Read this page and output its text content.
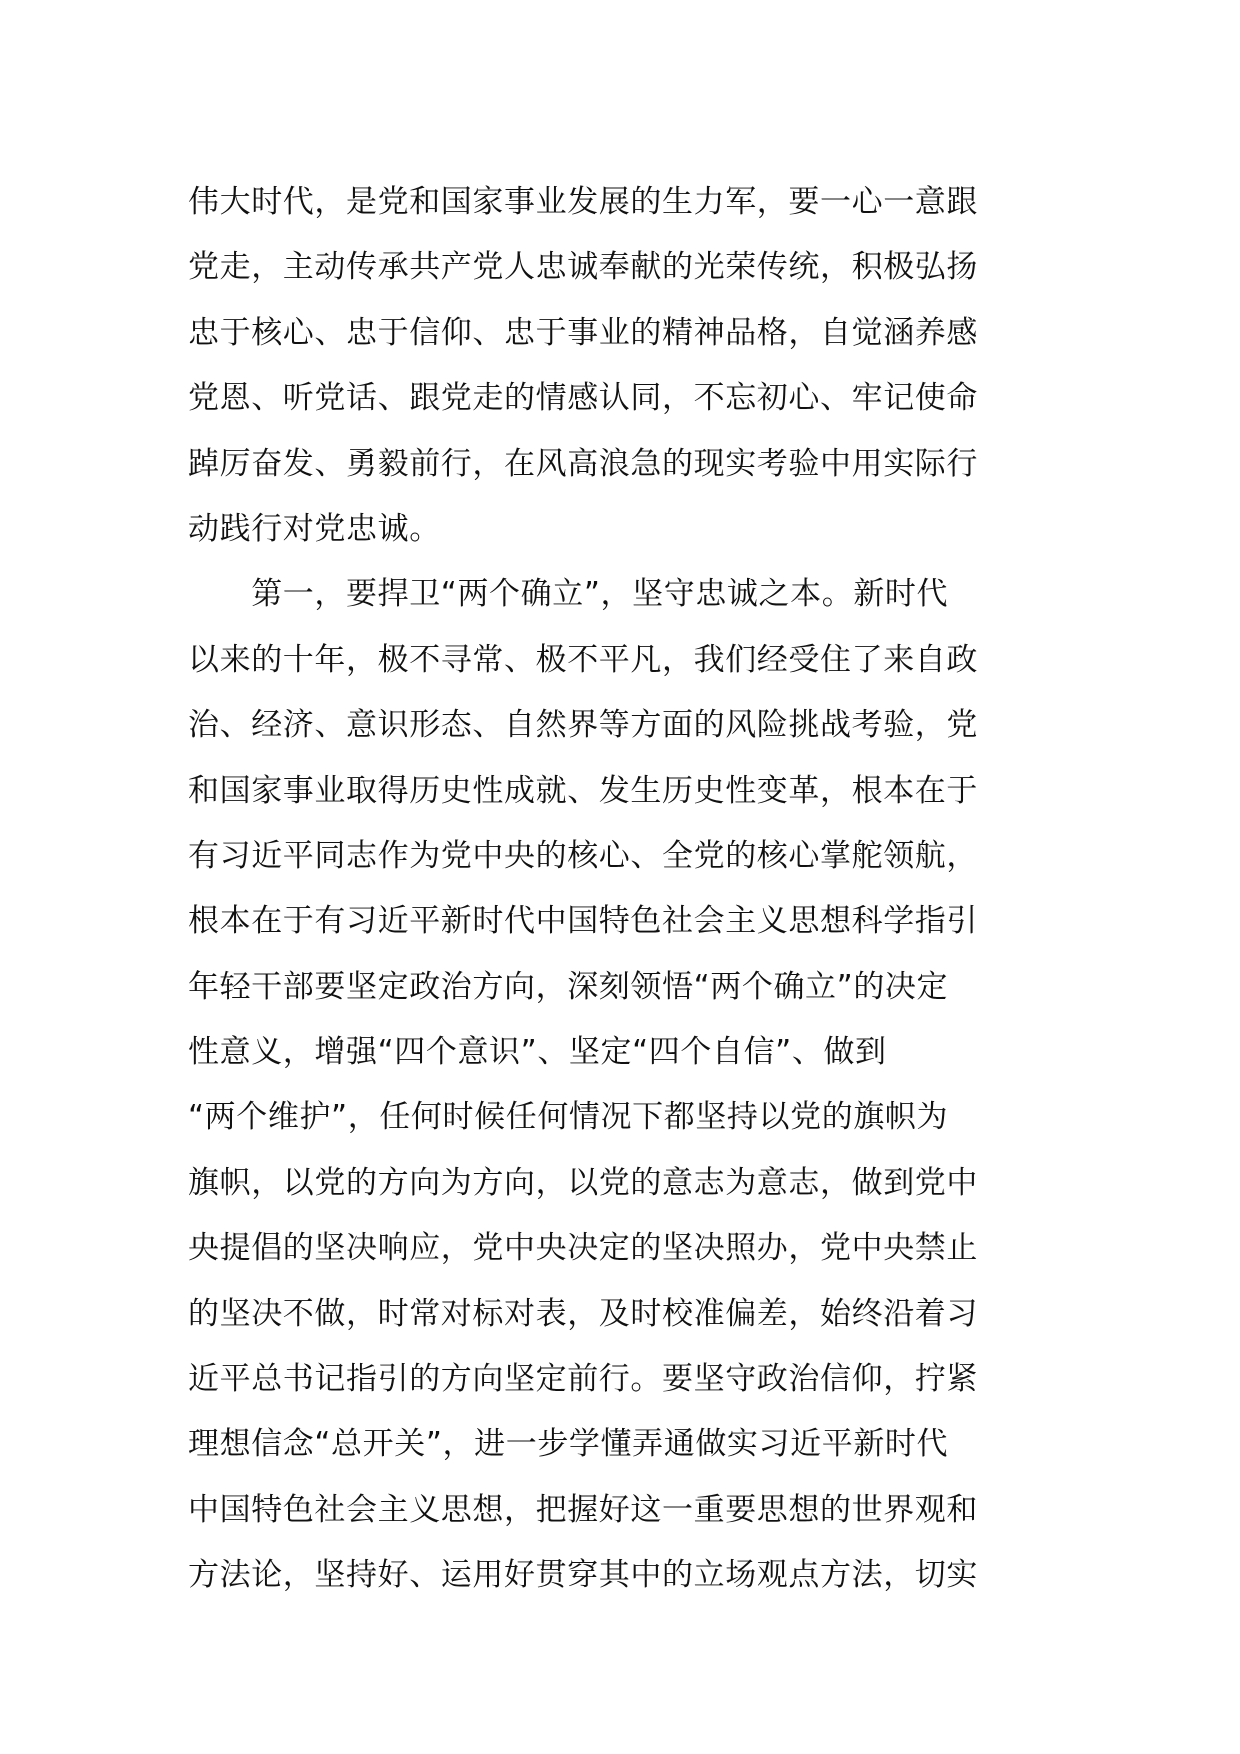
伟大时代，是党和国家事业发展的生力军，要一心一意跟
党走，主动传承共产党人忠诚奉献的光荣传统，积极弘扬
忠于核心、忠于信仰、忠于事业的精神品格，自觉涵养感
党恩、听党话、跟党走的情感认同，不忘初心、牢记使命
踔厉奋发、勇毅前行，在风高浪急的现实考验中用实际行
动践行对党忠诚。
　　第一，要捍卫“两个确立”，坚守忠诚之本。新时代
以来的十年，极不寻常、极不平凡，我们经受住了来自政
治、经济、意识形态、自然界等方面的风险挑战考验，党
和国家事业取得历史性成就、发生历史性变革，根本在于
有习近平同志作为党中央的核心、全党的核心掌舵领航，
根本在于有习近平新时代中国特色社会主义思想科学指引
年轻干部要坚定政治方向，深刻领悟“两个确立”的决定
性意义，增强“四个意识”、坚定“四个自信”、做到
“两个维护”，任何时候任何情况下都坚持以党的旗帜为
旗帜，以党的方向为方向，以党的意志为意志，做到党中
央提倡的坚决响应，党中央决定的坚决照办，党中央禁止
的坚决不做，时常对标对表，及时校准偏差，始终沿着习
近平总书记指引的方向坚定前行。要坚守政治信仰，拧紧
理想信念“总开关”，进一步学懂弄通做实习近平新时代
中国特色社会主义思想，把握好这一重要思想的世界观和
方法论，坚持好、运用好贯穿其中的立场观点方法，切实
